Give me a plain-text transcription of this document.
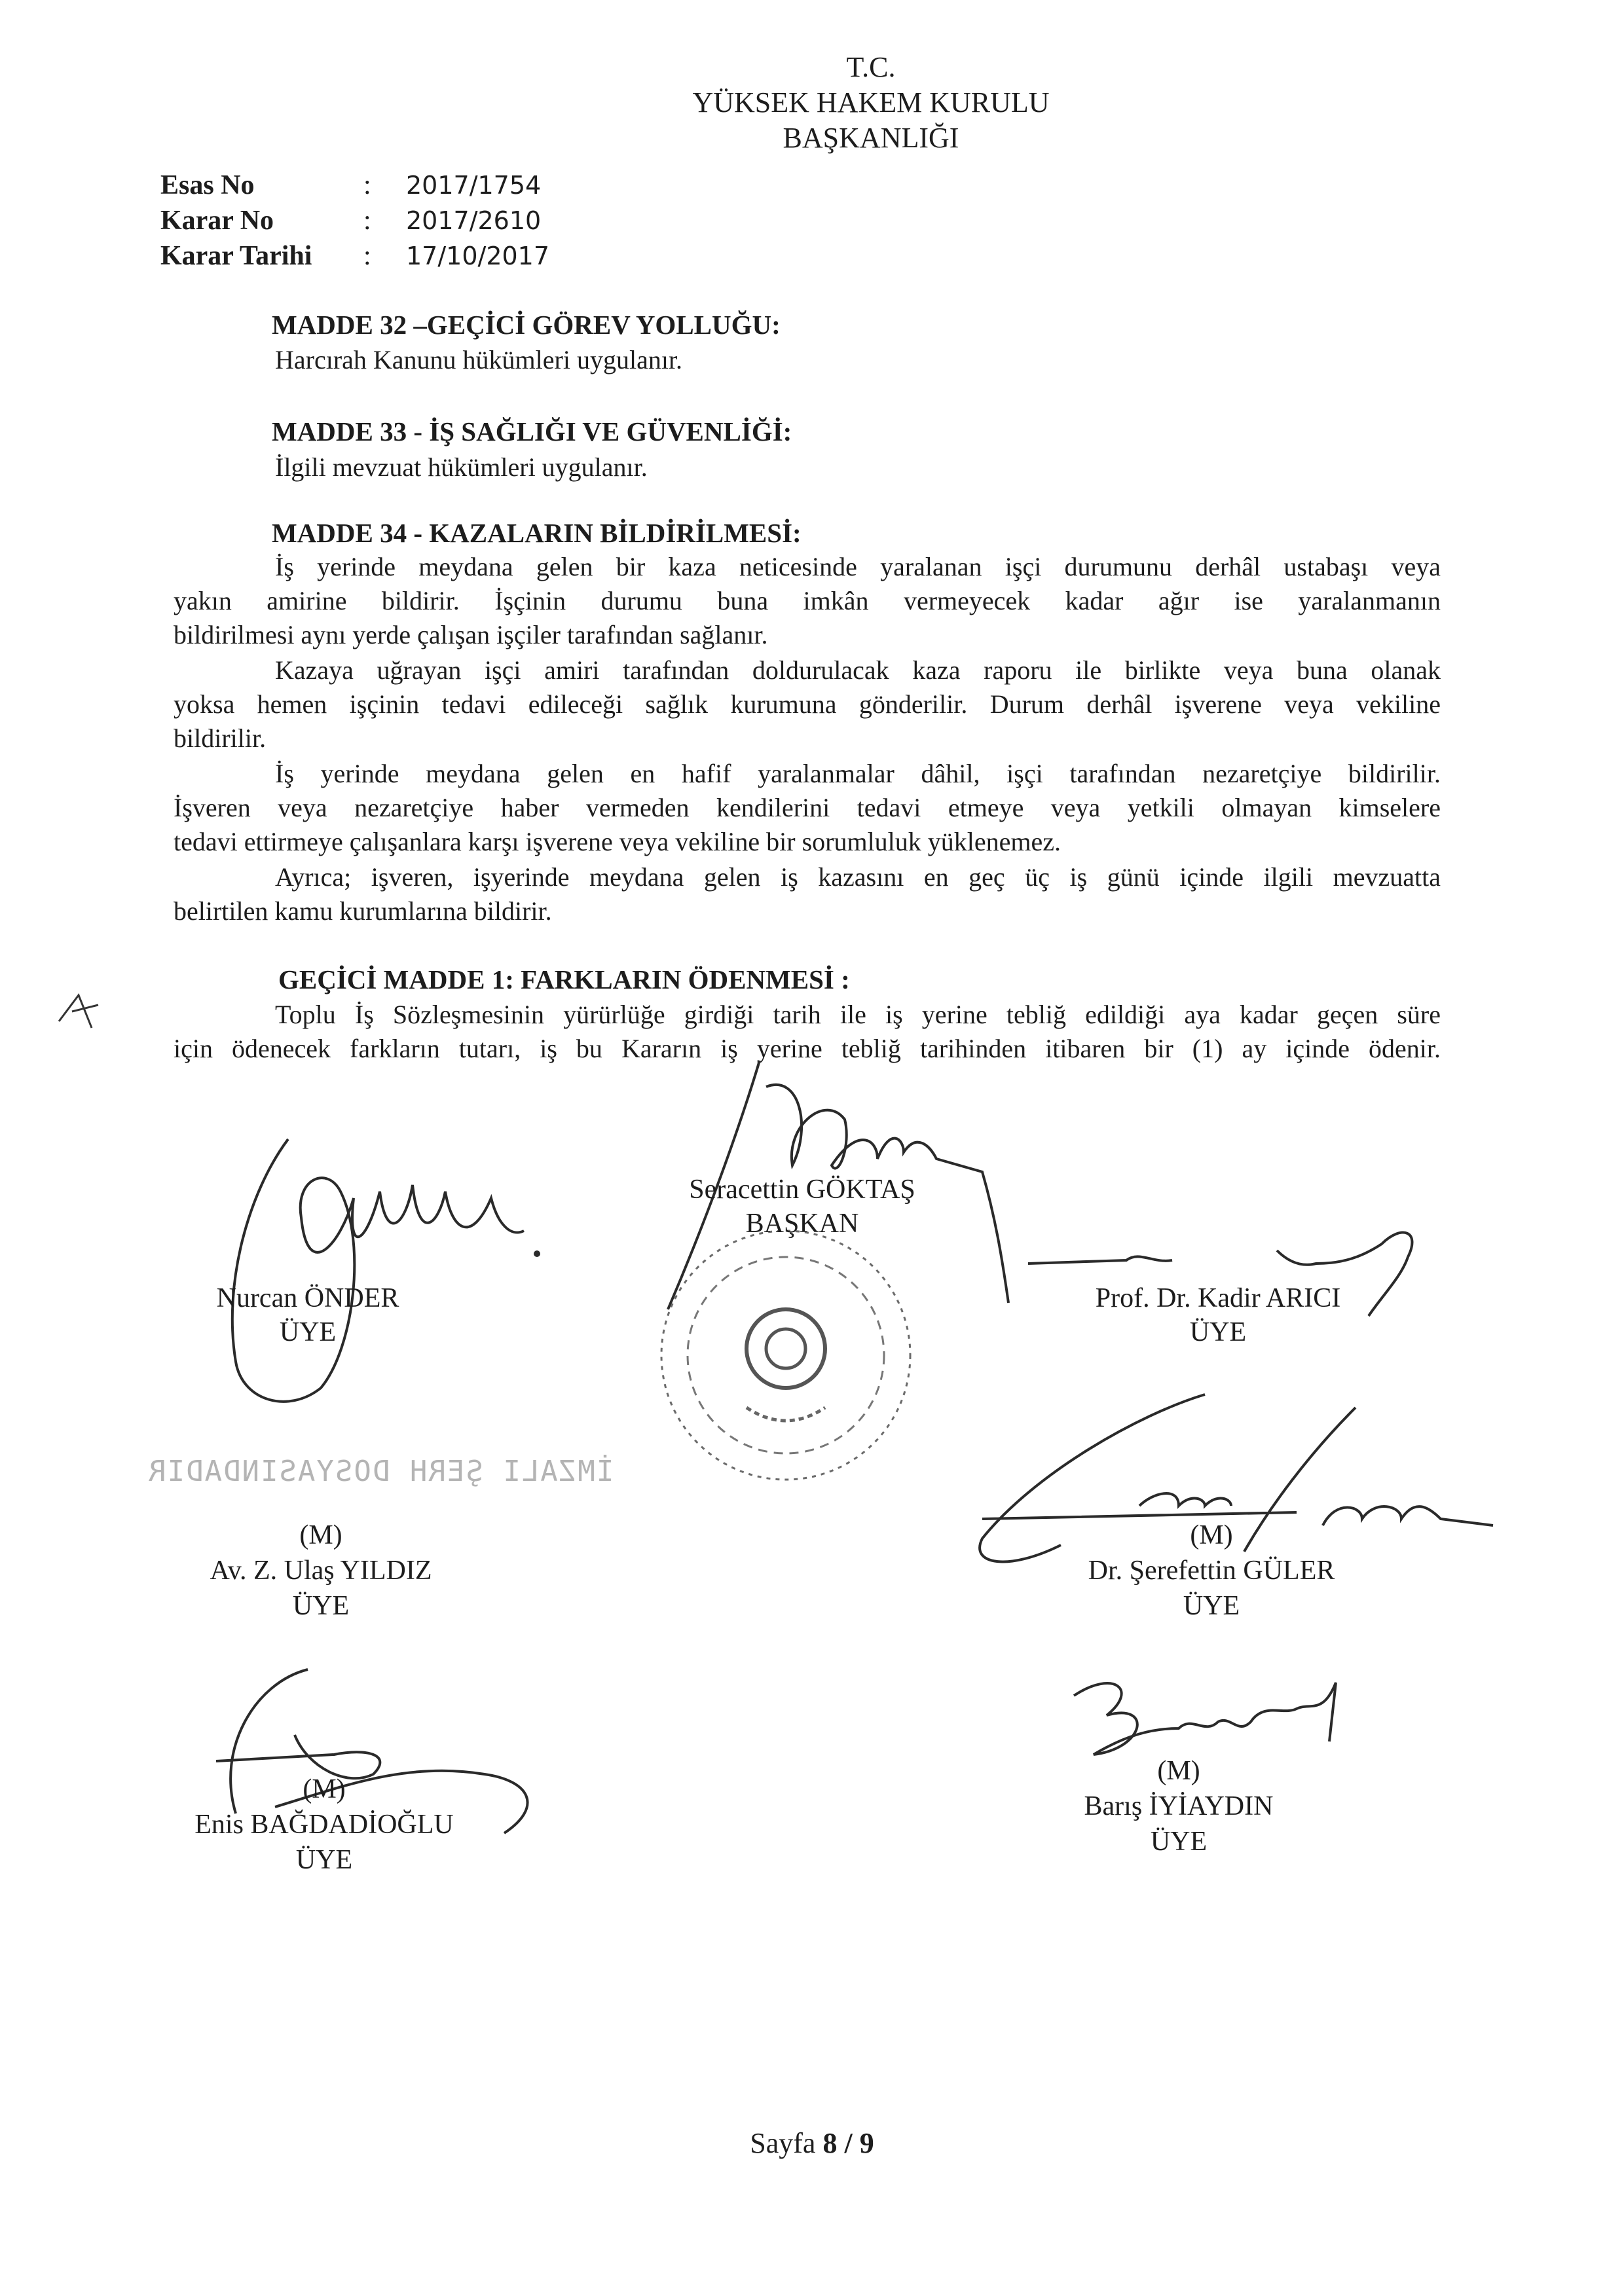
T.C.
YÜKSEK HAKEM KURULU
BAŞKANLIĞI
Esas No	: 2017/1754
Karar No	: 2017/2610
Karar Tarihi : 17/10/2017
MADDE 32 –GEÇİCİ GÖREV YOLLUĞU:
Harcırah Kanunu hükümleri uygulanır.
MADDE 33 - İŞ SAĞLIĞI VE GÜVENLİĞİ:
İlgili mevzuat hükümleri uygulanır.
MADDE 34 - KAZALARIN BİLDİRİLMESİ:
İş yerinde meydana gelen bir kaza neticesinde yaralanan işçi durumunu derhâl ustabaşı veya
yakın amirine bildirir. İşçinin durumu buna imkân vermeyecek kadar ağır ise yaralanmanın
bildirilmesi aynı yerde çalışan işçiler tarafından sağlanır.
Kazaya uğrayan işçi amiri tarafından doldurulacak kaza raporu ile birlikte veya buna olanak
yoksa hemen işçinin tedavi edileceği sağlık kurumuna gönderilir. Durum derhâl işverene veya vekiline
bildirilir.
İş yerinde meydana gelen en hafif yaralanmalar dâhil, işçi tarafından nezaretçiye bildirilir.
İşveren veya nezaretçiye haber vermeden kendilerini tedavi etmeye veya yetkili olmayan kimselere
tedavi ettirmeye çalışanlara karşı işverene veya vekiline bir sorumluluk yüklenemez.
Ayrıca; işveren, işyerinde meydana gelen iş kazasını en geç üç iş günü içinde ilgili mevzuatta
belirtilen kamu kurumlarına bildirir.
GEÇİCİ MADDE 1: FARKLARIN ÖDENMESİ :
Toplu İş Sözleşmesinin yürürlüğe girdiği tarih ile iş yerine tebliğ edildiği aya kadar geçen süre
için ödenecek farkların tutarı, iş bu Kararın iş yerine tebliğ tarihinden itibaren bir (1) ay içinde ödenir.
Seracettin GÖKTAŞ
BAŞKAN
Nurcan ÖNDER
ÜYE
Prof. Dr. Kadir ARICI
ÜYE
İMZALI ŞERH DOSYASINDADIR
(M)
Av. Z. Ulaş YILDIZ
ÜYE
(M)
Dr. Şerefettin GÜLER
ÜYE
(M)
Enis BAĞDADİOĞLU
ÜYE
(M)
Barış İYİAYDIN
ÜYE
Sayfa 8 / 9
